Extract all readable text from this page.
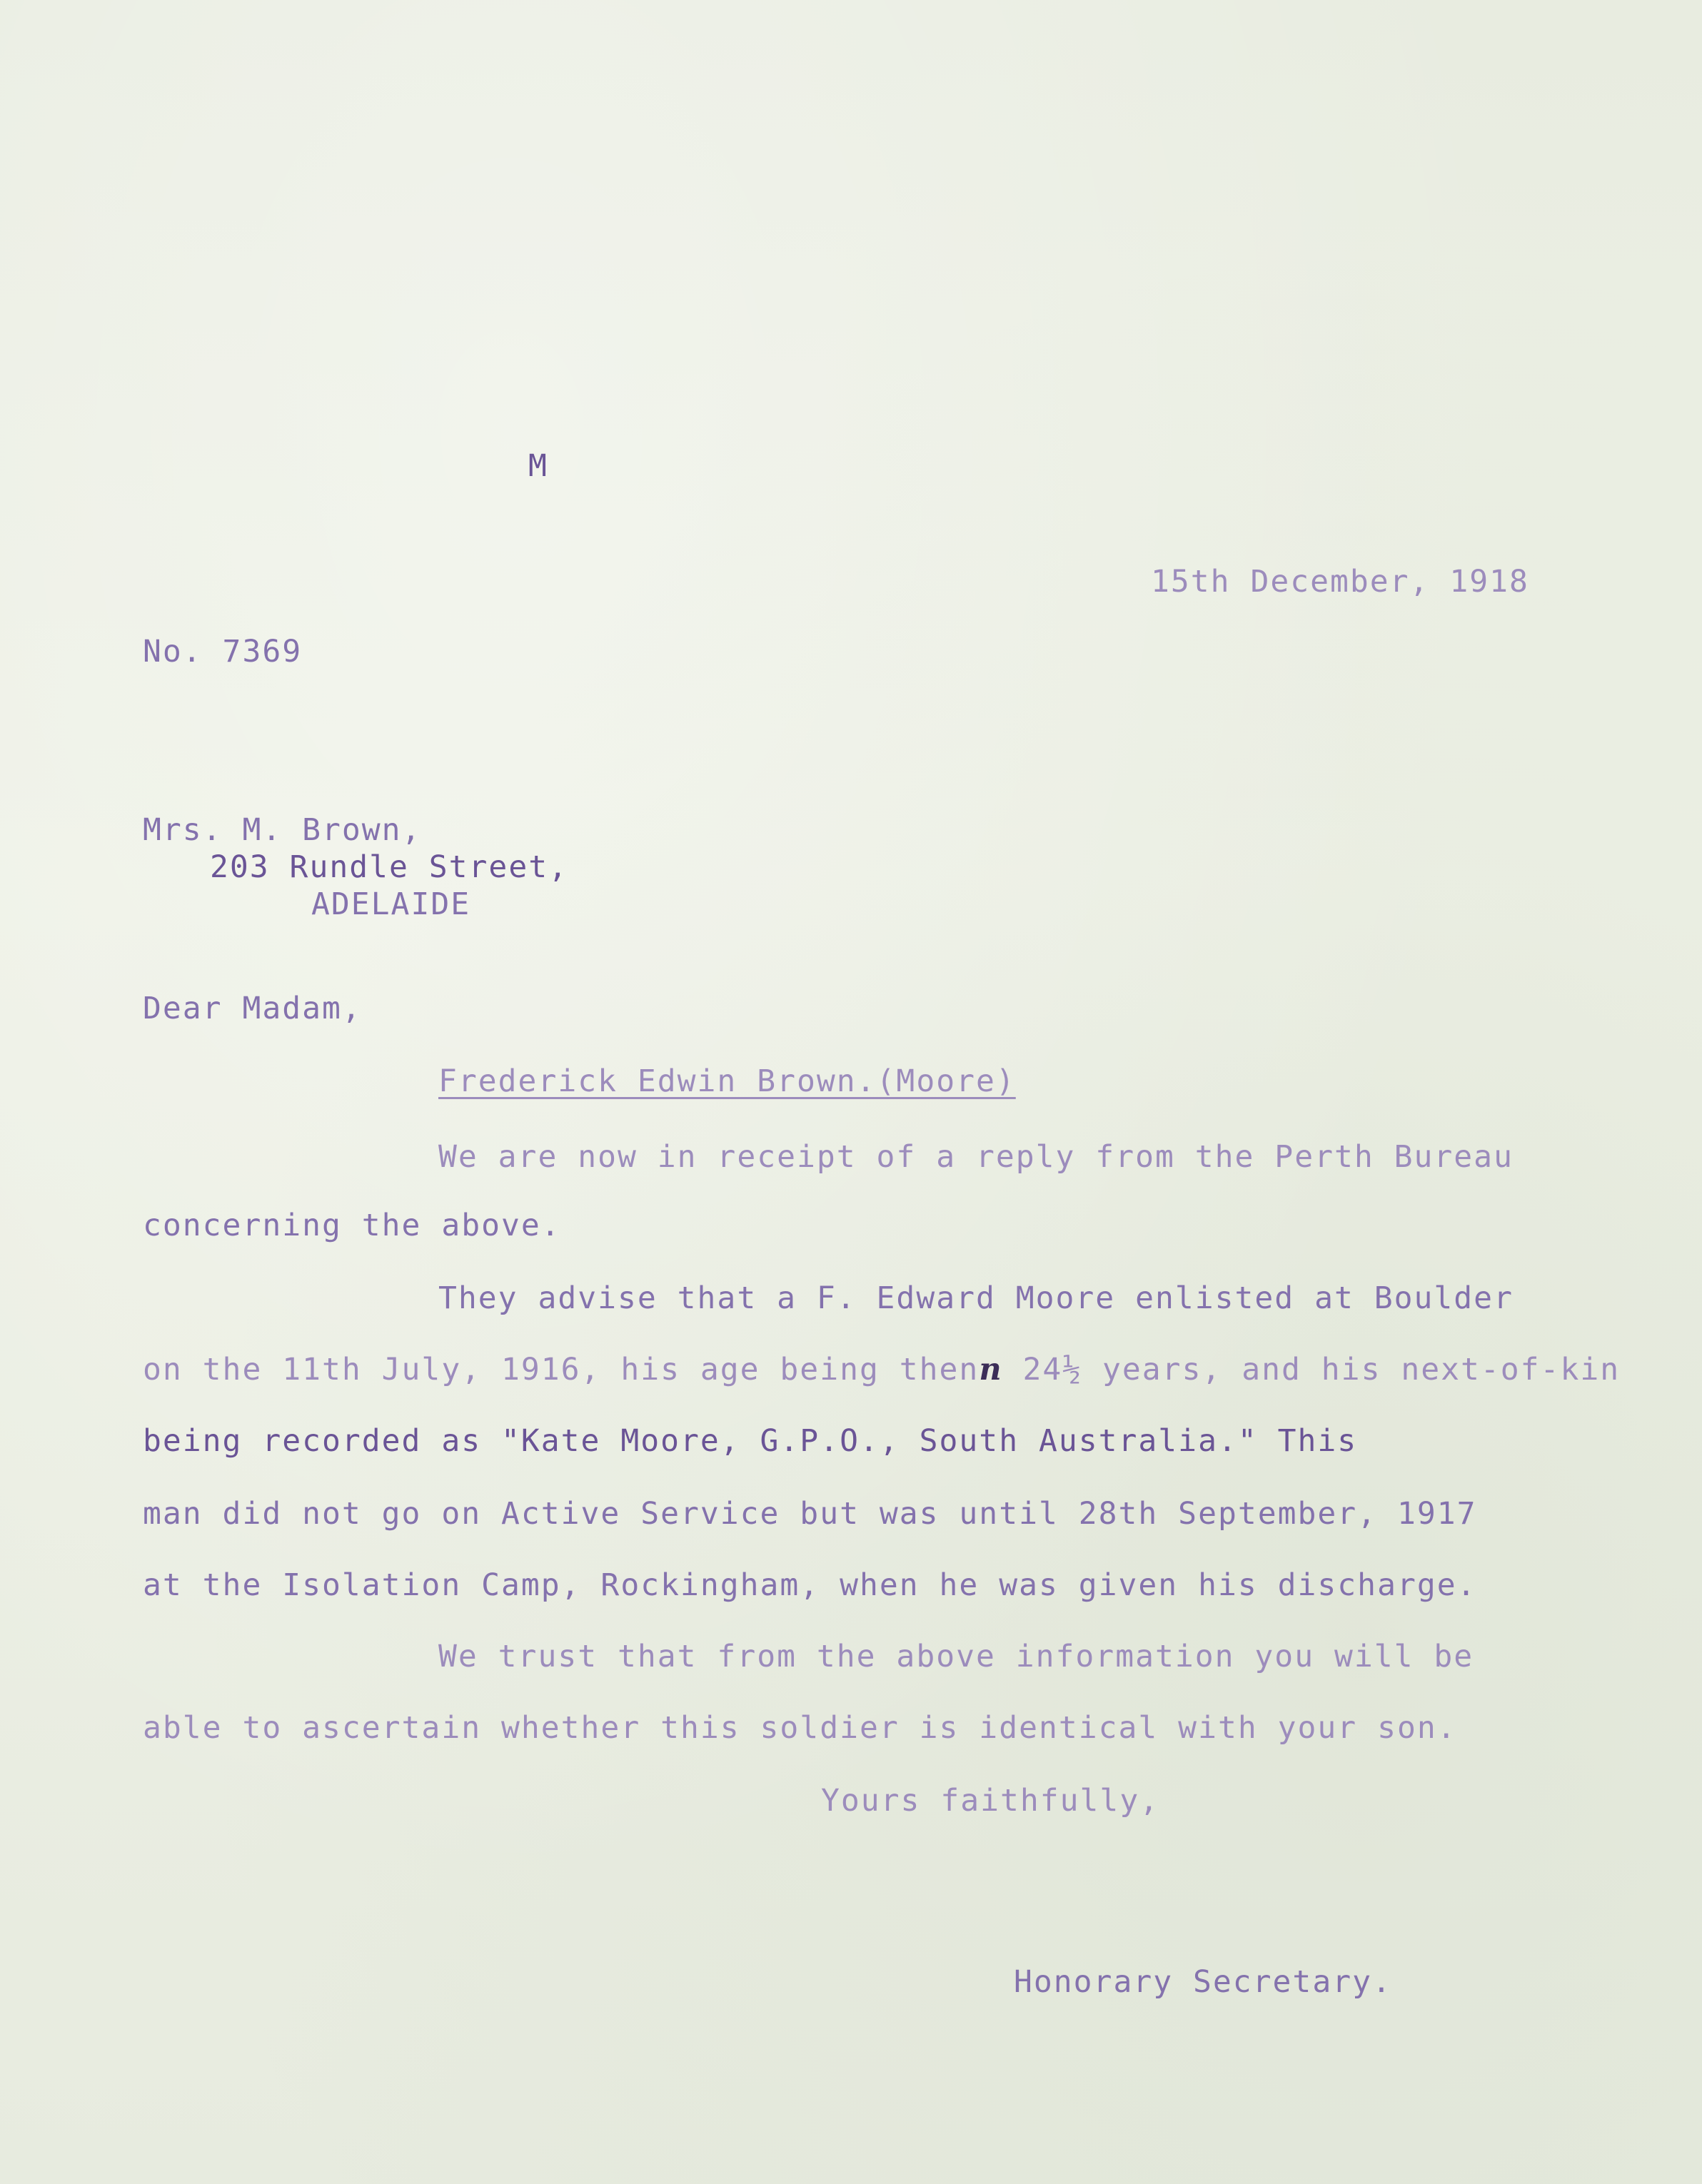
M
15th December, 1918
No. 7369
Mrs. M. Brown,
203 Rundle Street,
ADELAIDE
Dear Madam,
Frederick Edwin Brown.(Moore)
We are now in receipt of a reply from the Perth Bureau
concerning the above.
They advise that a F. Edward Moore enlisted at Boulder
on the 11th July, 1916, his age being thenn 24½ years, and his next-of-kin
being recorded as "Kate Moore, G.P.O., South Australia." This
man did not go on Active Service but was until 28th September, 1917
at the Isolation Camp, Rockingham, when he was given his discharge.
We trust that from the above information you will be
able to ascertain whether this soldier is identical with your son.
Yours faithfully,
Honorary Secretary.
